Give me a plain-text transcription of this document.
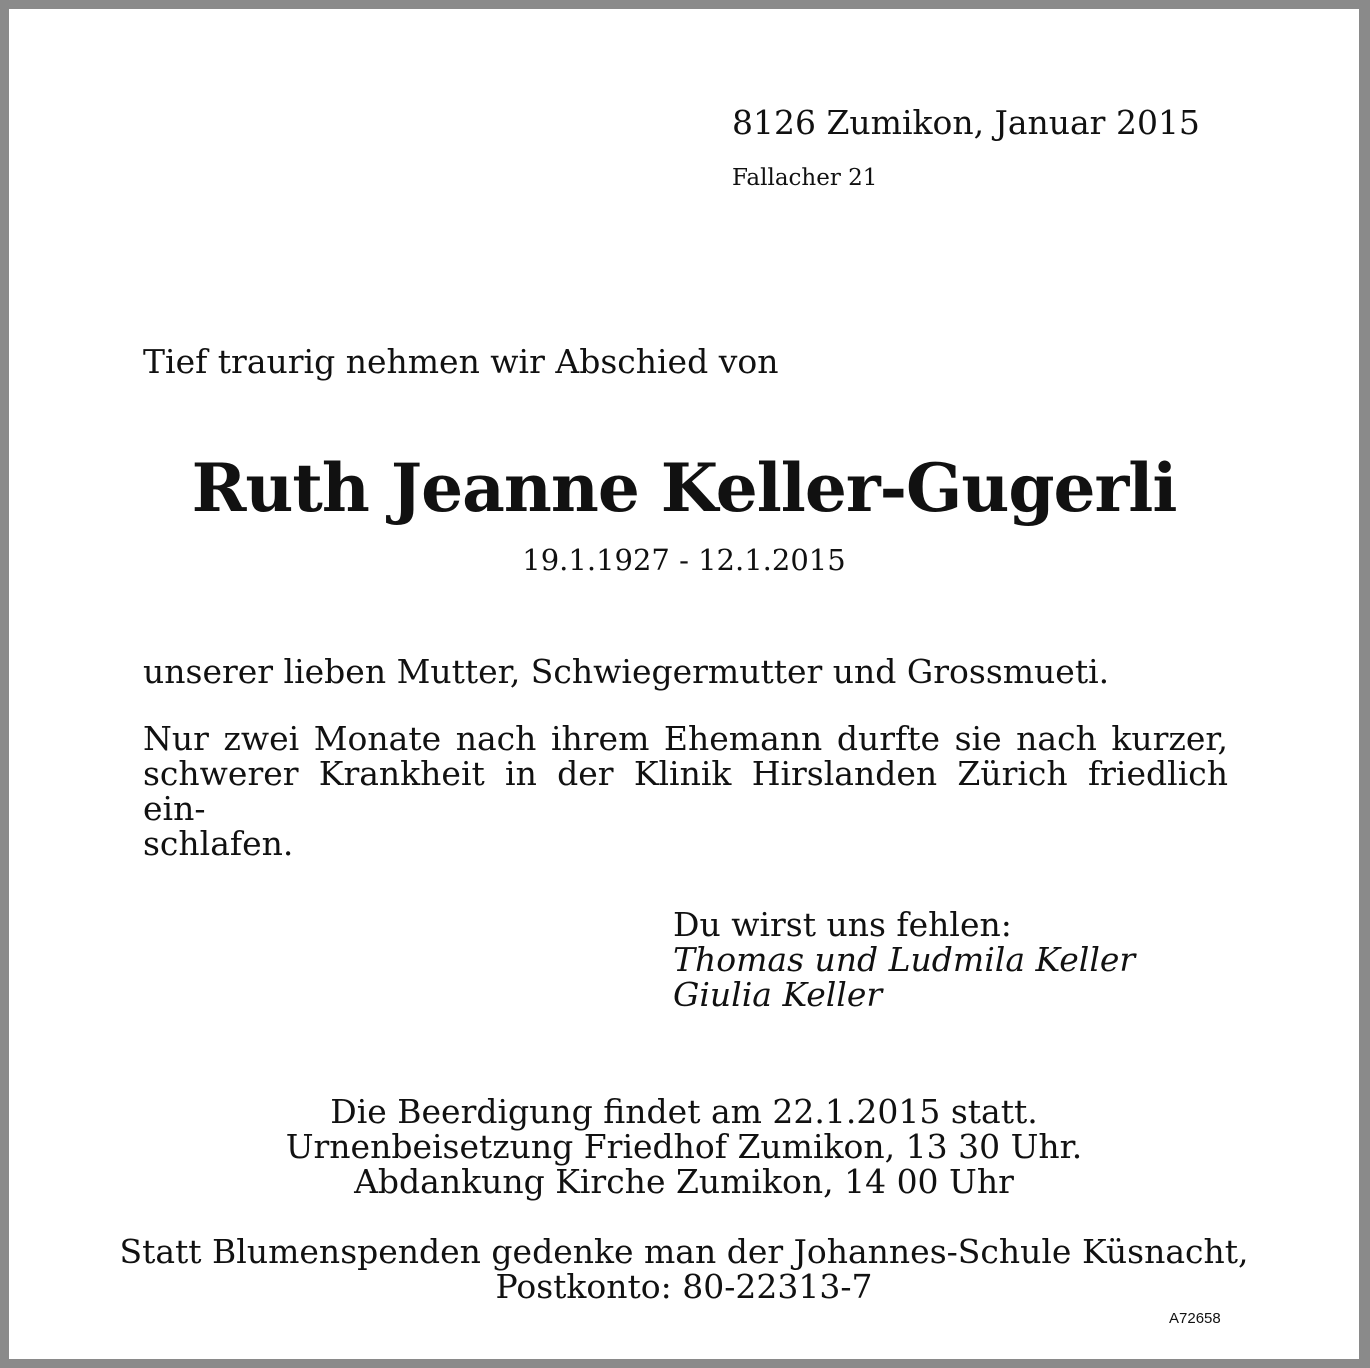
8126 Zumikon, Januar 2015
Fallacher 21
Tief traurig nehmen wir Abschied von
Ruth Jeanne Keller-Gugerli
19.1.1927 - 12.1.2015
unserer lieben Mutter, Schwiegermutter und Grossmueti.
Nur zwei Monate nach ihrem Ehemann durfte sie nach kurzer,
schwerer Krankheit in der Klinik Hirslanden Zürich friedlich ein-
schlafen.
Du wirst uns fehlen:
Thomas und Ludmila Keller
Giulia Keller
Die Beerdigung findet am 22.1.2015 statt.
Urnenbeisetzung Friedhof Zumikon, 13 30 Uhr.
Abdankung Kirche Zumikon, 14 00 Uhr
Statt Blumenspenden gedenke man der Johannes-Schule Küsnacht,
Postkonto: 80-22313-7
A72658
